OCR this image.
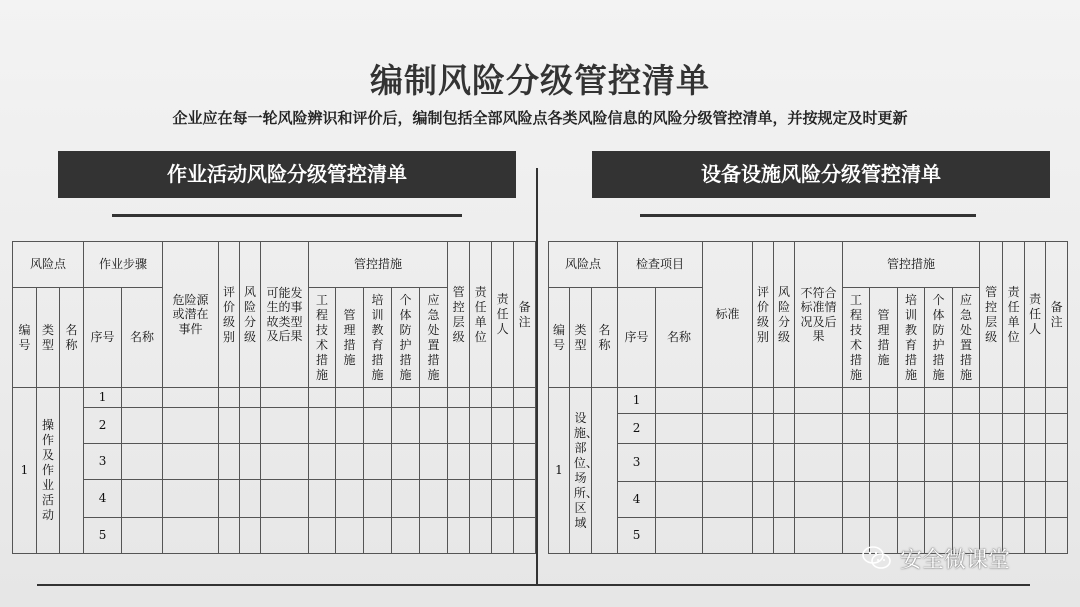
编制风险分级管控清单
企业应在每一轮风险辨识和评价后，编制包括全部风险点各类风险信息的风险分级管控清单，并按规定及时更新
作业活动风险分级管控清单	设备设施风险分级管控清单
风险点			作业步骤		危险源或潜在事件	评价级别	风险分级	可能发生的事故类型及后果	管控措施					管控层级	责任单位	责任人	备注
编号	类型	名称	序号	名称					工程技术措施	管理措施	培训教育措施	个体防护措施	应急处置措施				
1	操作及作业活动		1														
			2														
			3														
			4														
			5														
风险点			检查项目		标准	评价级别	风险分级	不符合标准情况及后果	管控措施					管控层级	责任单位	责任人	备注
编号	类型	名称	序号	名称					工程技术措施	管理措施	培训教育措施	个体防护措施	应急处置措施				
1	设施、部位、场所、区域		1														
			2														
			3														
			4														
			5														
安全微课堂
